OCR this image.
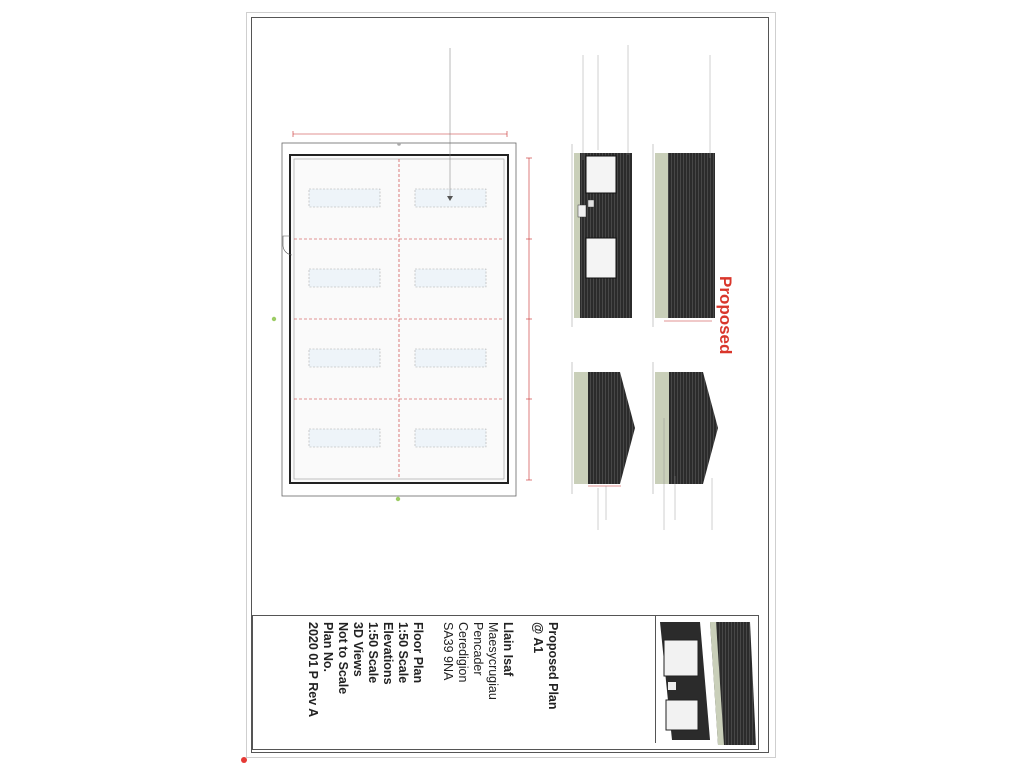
Proposed
Proposed Plan
@ A1
Llain Isaf
Maesycrugiau
Pencader
Ceredigion
SA39 9NA
Floor Plan
1:50 Scale
Elevations
1:50 Scale
3D Views
Not to Scale
Plan No.
2020 01 P Rev A
